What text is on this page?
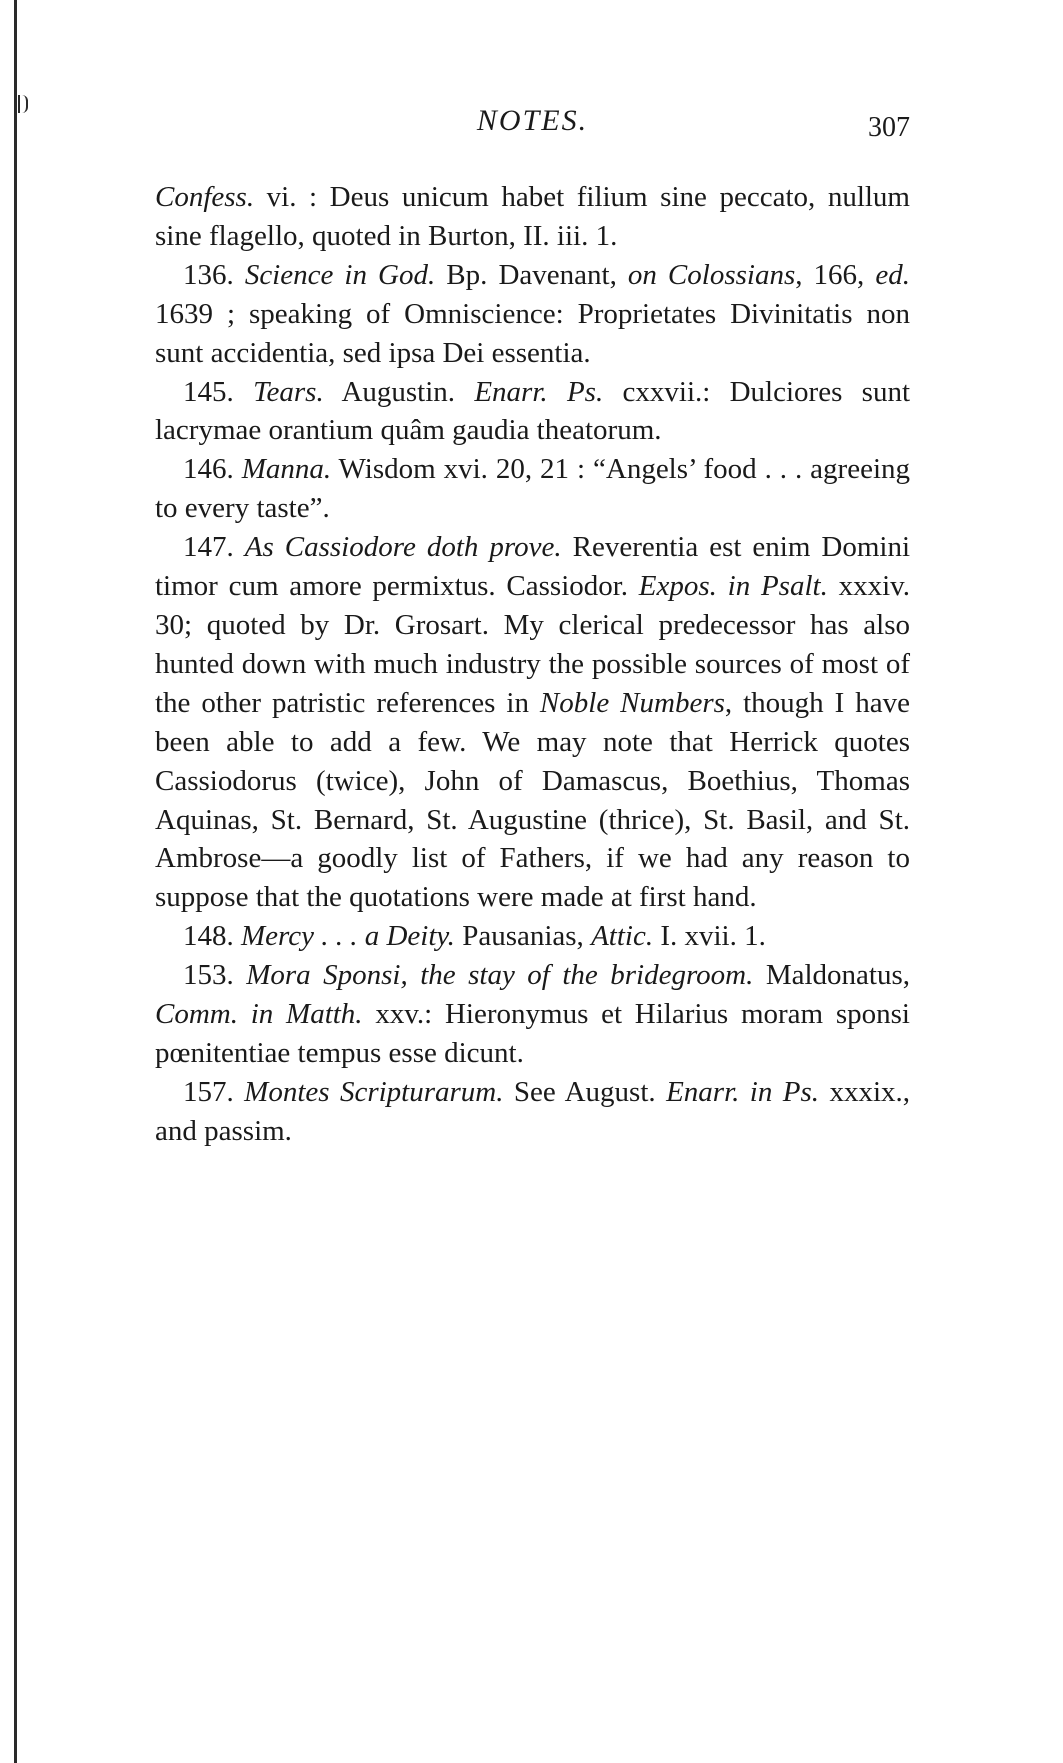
NOTES.	307

Confess. vi. : Deus unicum habet filium sine peccato, nullum sine flagello, quoted in Burton, II. iii. 1.

136. Science in God. Bp. Davenant, on Colossians, 166, ed. 1639 ; speaking of Omniscience: Proprietates Divinitatis non sunt accidentia, sed ipsa Dei essentia.

145. Tears. Augustin. Enarr. Ps. cxxvii.: Dulciores sunt lacrymae orantium quâm gaudia theatorum.

146. Manna. Wisdom xvi. 20, 21 : “Angels’ food . . . agreeing to every taste”.

147. As Cassiodore doth prove. Reverentia est enim Domini timor cum amore permixtus. Cassiodor. Expos. in Psalt. xxxiv. 30; quoted by Dr. Grosart. My clerical predecessor has also hunted down with much industry the possible sources of most of the other patristic references in Noble Numbers, though I have been able to add a few. We may note that Herrick quotes Cassiodorus (twice), John of Damascus, Boethius, Thomas Aquinas, St. Bernard, St. Augustine (thrice), St. Basil, and St. Ambrose—a goodly list of Fathers, if we had any reason to suppose that the quotations were made at first hand.

148. Mercy . . . a Deity. Pausanias, Attic. I. xvii. 1.

153. Mora Sponsi, the stay of the bridegroom. Maldonatus, Comm. in Matth. xxv.: Hieronymus et Hilarius moram sponsi pœnitentiae tempus esse dicunt.

157. Montes Scripturarum. See August. Enarr. in Ps. xxxix., and passim.
